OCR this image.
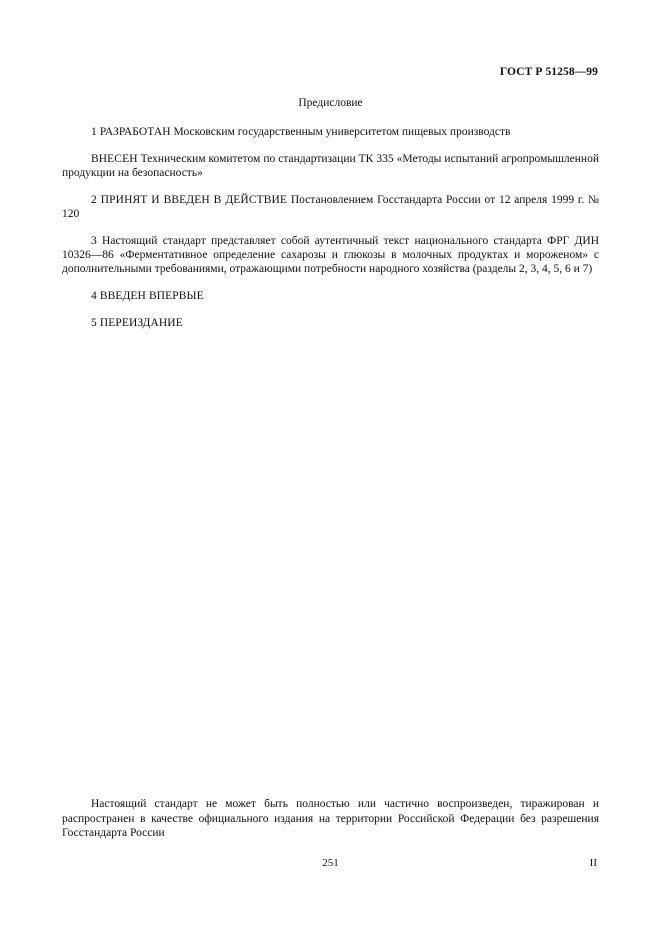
ГОСТ Р 51258—99
Предисловие

1 РАЗРАБОТАН Московским государственным университетом пищевых производств

ВНЕСЕН Техническим комитетом по стандартизации ТК 335 «Методы испытаний агропромышленной продукции на безопасность»

2 ПРИНЯТ И ВВЕДЕН В ДЕЙСТВИЕ Постановлением Госстандарта России от 12 апреля 1999 г. № 120

3 Настоящий стандарт представляет собой аутентичный текст национального стандарта ФРГ ДИН 10326—86 «Ферментативное определение сахарозы и глюкозы в молочных продуктах и мороженом» с дополнительными требованиями, отражающими потребности народного хозяйства (разделы 2, 3, 4, 5, 6 и 7)

4 ВВЕДЕН ВПЕРВЫЕ

5 ПЕРЕИЗДАНИЕ

Настоящий стандарт не может быть полностью или частично воспроизведен, тиражирован и распространен в качестве официального издания на территории Российской Федерации без разрешения Госстандарта России

251	II
